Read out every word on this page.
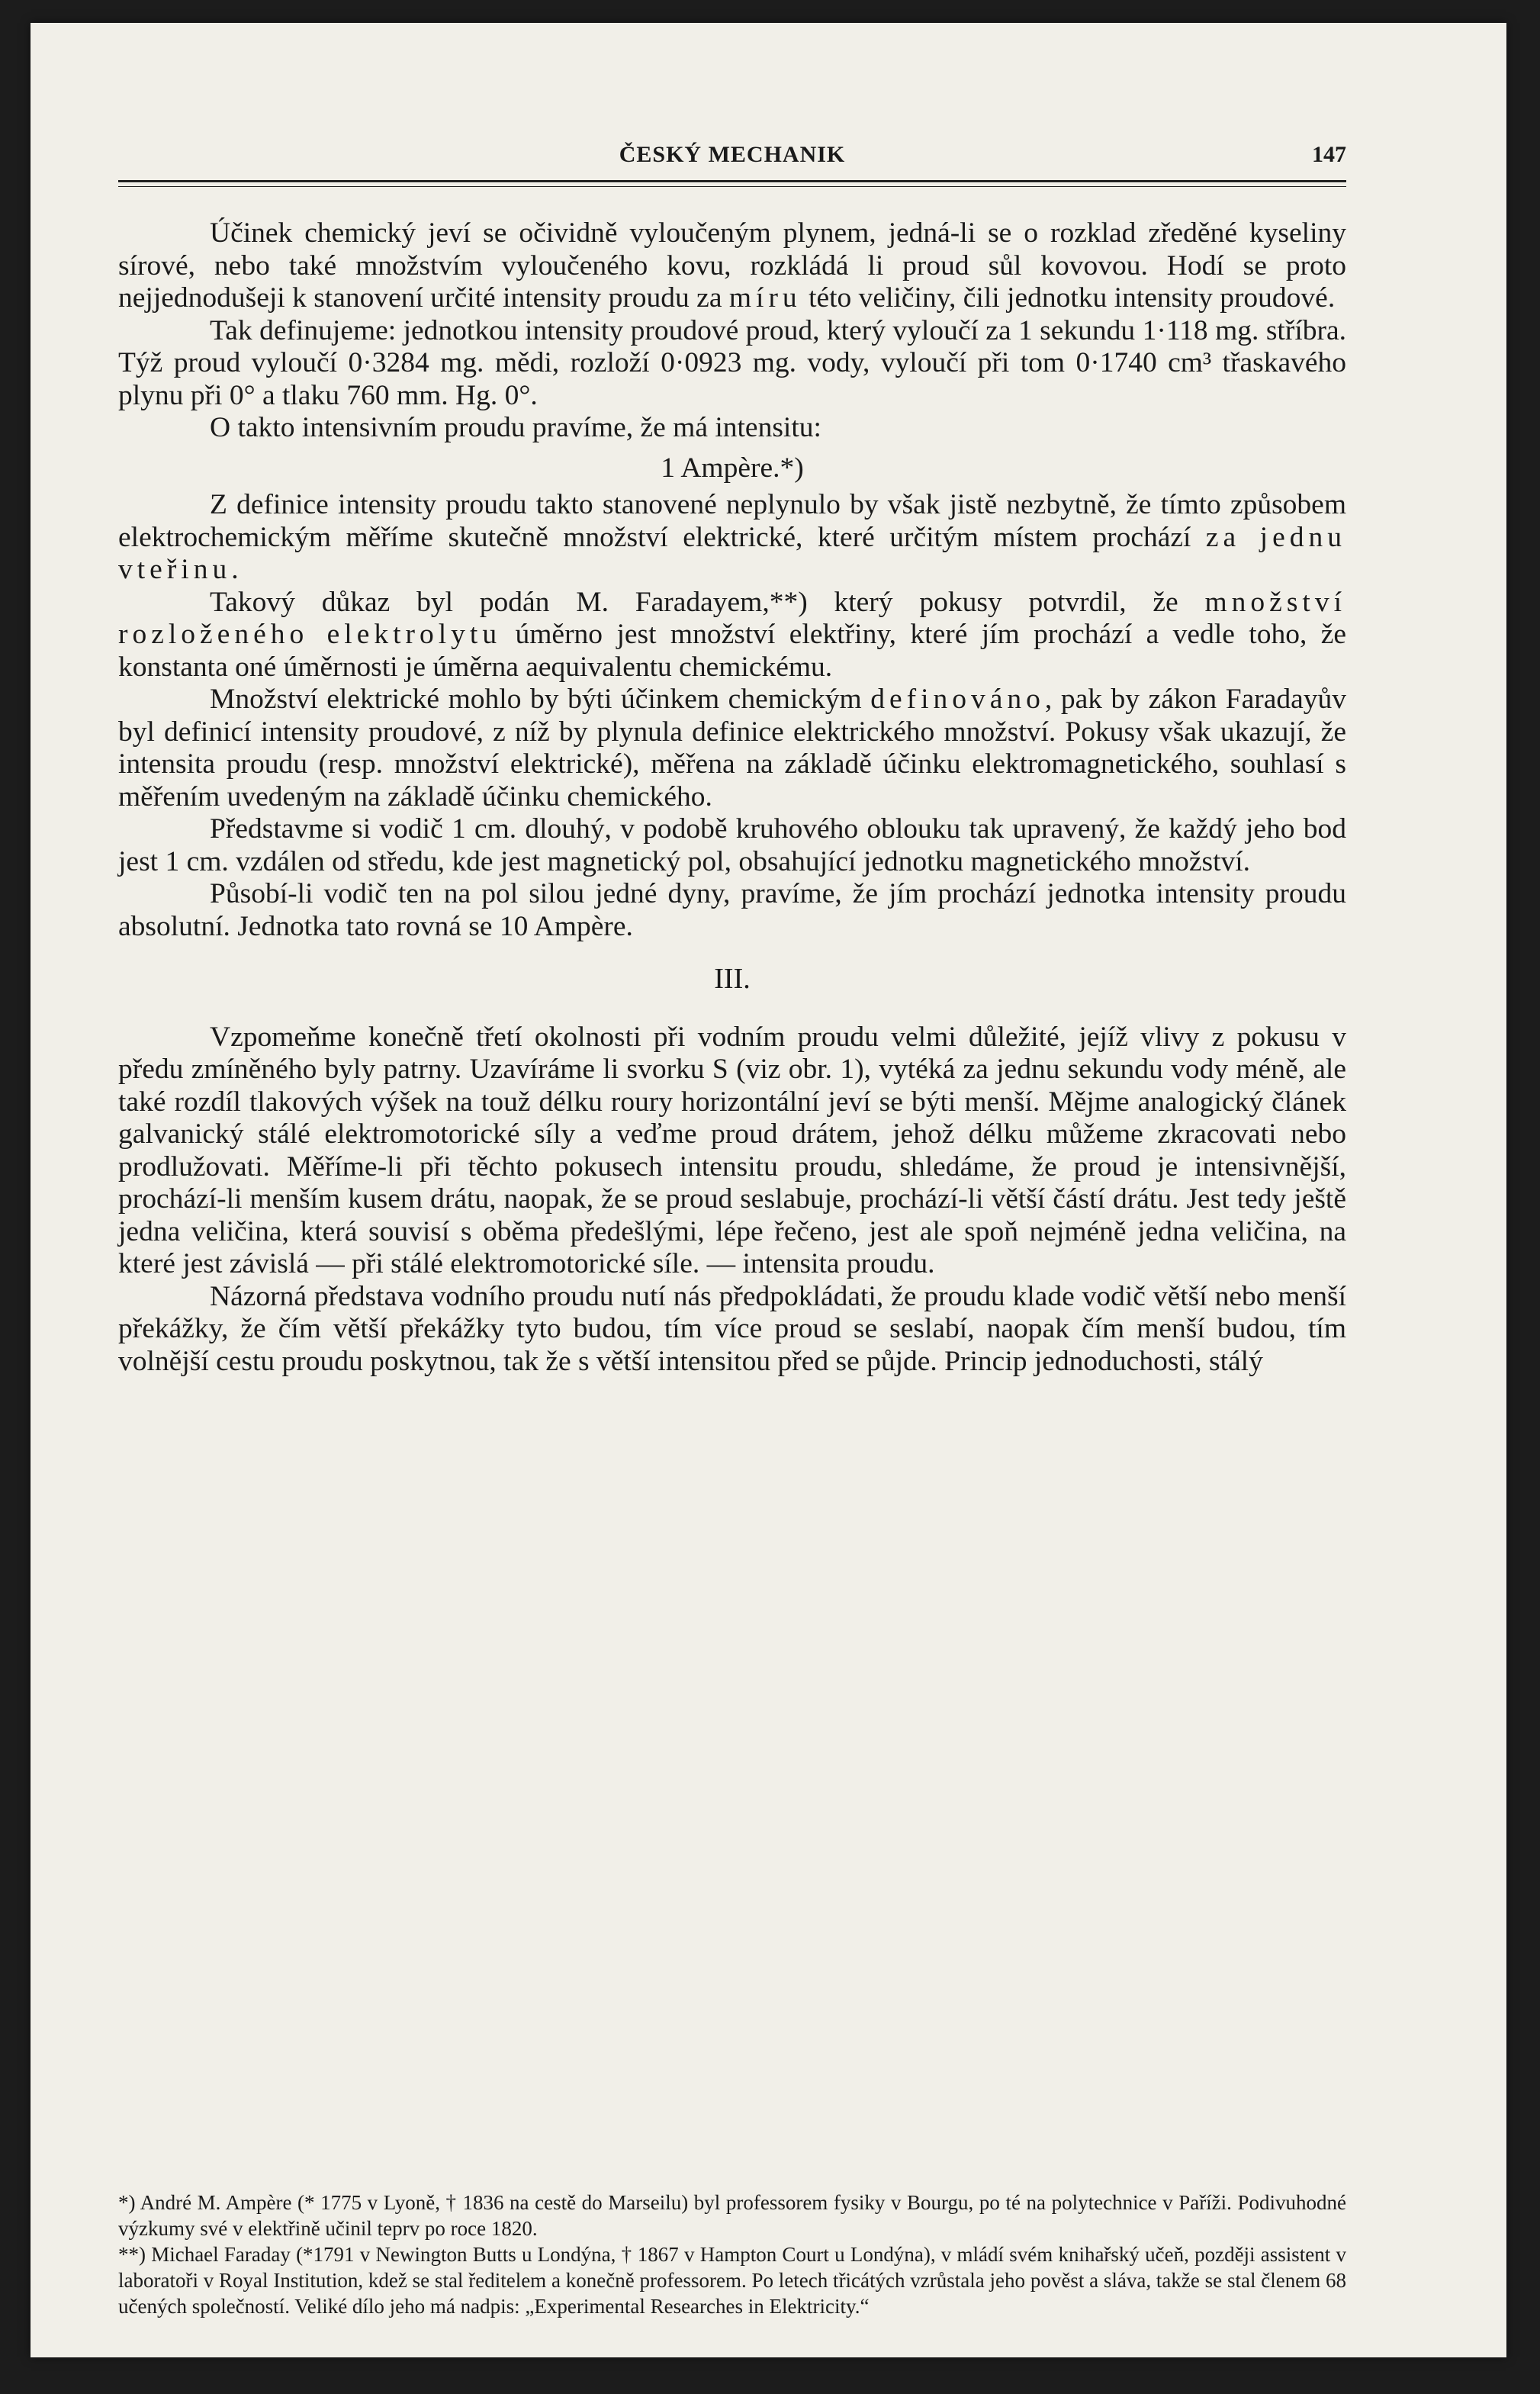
ČESKÝ MECHANIK	147

Účinek chemický jeví se očividně vyloučeným plynem, jedná-li se o rozklad zředěné kyseliny sírové, nebo také množstvím vyloučeného kovu, rozkládá li proud sůl kovovou. Hodí se proto nejjednodušeji k stanovení určité intensity proudu za míru této veličiny, čili jednotku intensity proudové.

Tak definujeme: jednotkou intensity proudové proud, který vyloučí za 1 sekundu 1·118 mg. stříbra. Týž proud vyloučí 0·3284 mg. mědi, rozloží 0·0923 mg. vody, vyloučí při tom 0·1740 cm³ třaskavého plynu při 0° a tlaku 760 mm. Hg. 0°.

O takto intensivním proudu pravíme, že má intensitu:

1 Ampère.*)

Z definice intensity proudu takto stanovené neplynulo by však jistě nezbytně, že tímto způsobem elektrochemickým měříme skutečně množství elektrické, které určitým místem prochází za jednu vteřinu.

Takový důkaz byl podán M. Faradayem,**) který pokusy potvrdil, že množství rozloženého elektrolytu úměrno jest množství elektřiny, které jím prochází a vedle toho, že konstanta oné úměrnosti je úměrna aequivalentu chemickému.

Množství elektrické mohlo by býti účinkem chemickým definováno, pak by zákon Faradayův byl definicí intensity proudové, z níž by plynula definice elektrického množství. Pokusy však ukazují, že intensita proudu (resp. množství elektrické), měřena na základě účinku elektromagnetického, souhlasí s měřením uvedeným na základě účinku chemického.

Představme si vodič 1 cm. dlouhý, v podobě kruhového oblouku tak upravený, že každý jeho bod jest 1 cm. vzdálen od středu, kde jest magnetický pol, obsahující jednotku magnetického množství.

Působí-li vodič ten na pol silou jedné dyny, pravíme, že jím prochází jednotka intensity proudu absolutní. Jednotka tato rovná se 10 Ampère.

III.

Vzpomeňme konečně třetí okolnosti při vodním proudu velmi důležité, jejíž vlivy z pokusu v předu zmíněného byly patrny. Uzavíráme li svorku S (viz obr. 1), vytéká za jednu sekundu vody méně, ale také rozdíl tlakových výšek na touž délku roury horizontální jeví se býti menší. Mějme analogický článek galvanický stálé elektromotorické síly a veďme proud drátem, jehož délku můžeme zkracovati nebo prodlužovati. Měříme-li při těchto pokusech intensitu proudu, shledáme, že proud je intensivnější, prochází-li menším kusem drátu, naopak, že se proud seslabuje, prochází-li větší částí drátu. Jest tedy ještě jedna veličina, která souvisí s oběma předešlými, lépe řečeno, jest ale spoň nejméně jedna veličina, na které jest závislá — při stálé elektromotorické síle. — intensita proudu.

Názorná představa vodního proudu nutí nás předpokládati, že proudu klade vodič větší nebo menší překážky, že čím větší překážky tyto budou, tím více proud se seslabí, naopak čím menší budou, tím volnější cestu proudu poskytnou, tak že s větší intensitou před se půjde. Princip jednoduchosti, stálý

*) André M. Ampère (* 1775 v Lyoně, † 1836 na cestě do Marseilu) byl professorem fysiky v Bourgu, po té na polytechnice v Paříži. Podivuhodné výzkumy své v elektřině učinil teprv po roce 1820.

**) Michael Faraday (*1791 v Newington Butts u Londýna, † 1867 v Hampton Court u Londýna), v mládí svém knihařský učeň, později assistent v laboratoři v Royal Institution, kdež se stal ředitelem a konečně professorem. Po letech třicátých vzrůstala jeho pověst a sláva, takže se stal členem 68 učených společností. Veliké dílo jeho má nadpis: „Experimental Researches in Elektricity.“
